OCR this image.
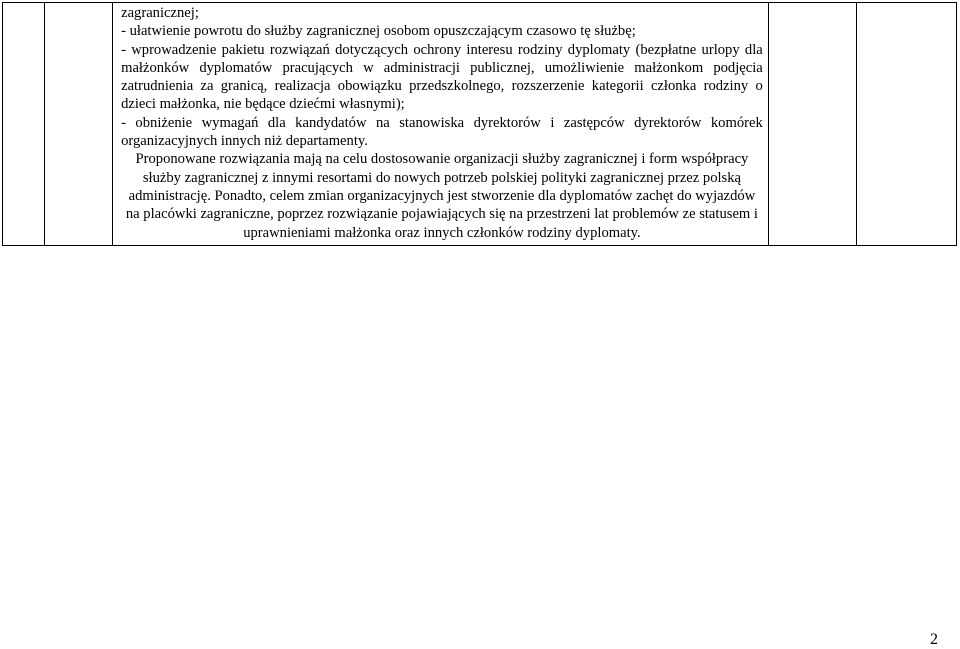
zagranicznej;

- ułatwienie powrotu do służby zagranicznej osobom opuszczającym czasowo tę służbę;

- wprowadzenie pakietu rozwiązań dotyczących ochrony interesu rodziny dyplomaty (bezpłatne urlopy dla małżonków dyplomatów pracujących w administracji publicznej, umożliwienie małżonkom podjęcia zatrudnienia za granicą, realizacja obowiązku przedszkolnego, rozszerzenie kategorii członka rodziny o dzieci małżonka, nie będące dziećmi własnymi);

- obniżenie wymagań dla kandydatów na stanowiska dyrektorów i zastępców dyrektorów komórek organizacyjnych innych niż departamenty.

Proponowane rozwiązania mają na celu dostosowanie organizacji służby zagranicznej i form współpracy służby zagranicznej z innymi resortami do nowych potrzeb polskiej polityki zagranicznej przez polską administrację. Ponadto, celem zmian organizacyjnych jest stworzenie dla dyplomatów zachęt do wyjazdów na placówki zagraniczne, poprzez rozwiązanie pojawiających się na przestrzeni lat problemów ze statusem i uprawnieniami małżonka oraz innych członków rodziny dyplomaty.

2
